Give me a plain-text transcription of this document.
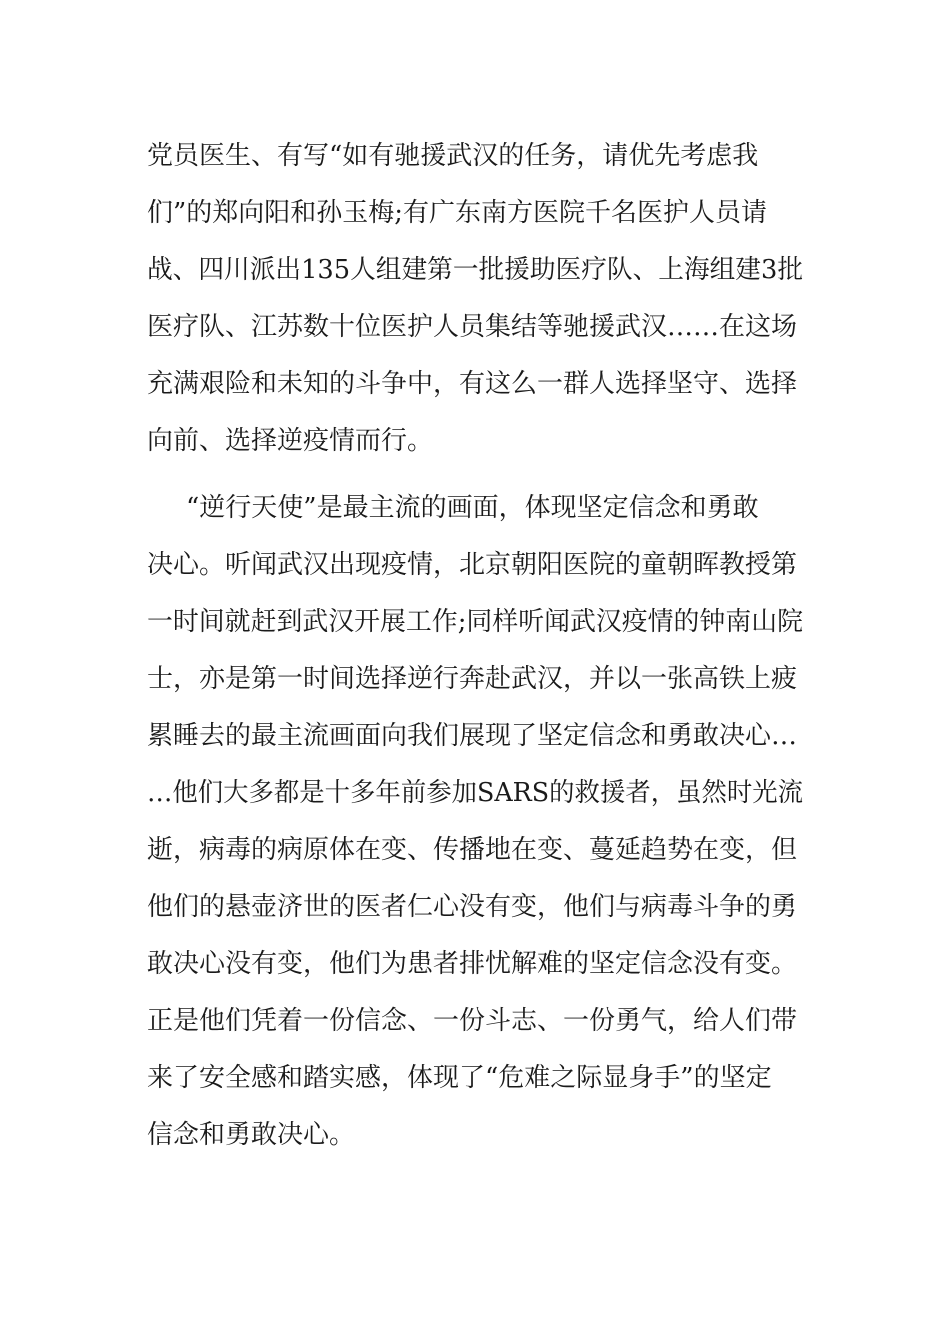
党员医生、有写“如有驰援武汉的任务，请优先考虑我
们”的郑向阳和孙玉梅;有广东南方医院千名医护人员请
战、四川派出135人组建第一批援助医疗队、上海组建3批
医疗队、江苏数十位医护人员集结等驰援武汉……在这场
充满艰险和未知的斗争中，有这么一群人选择坚守、选择
向前、选择逆疫情而行。
“逆行天使”是最主流的画面，体现坚定信念和勇敢
决心。听闻武汉出现疫情，北京朝阳医院的童朝晖教授第
一时间就赶到武汉开展工作;同样听闻武汉疫情的钟南山院
士，亦是第一时间选择逆行奔赴武汉，并以一张高铁上疲
累睡去的最主流画面向我们展现了坚定信念和勇敢决心…
…他们大多都是十多年前参加SARS的救援者，虽然时光流
逝，病毒的病原体在变、传播地在变、蔓延趋势在变，但
他们的悬壶济世的医者仁心没有变，他们与病毒斗争的勇
敢决心没有变，他们为患者排忧解难的坚定信念没有变。
正是他们凭着一份信念、一份斗志、一份勇气，给人们带
来了安全感和踏实感，体现了“危难之际显身手”的坚定
信念和勇敢决心。
